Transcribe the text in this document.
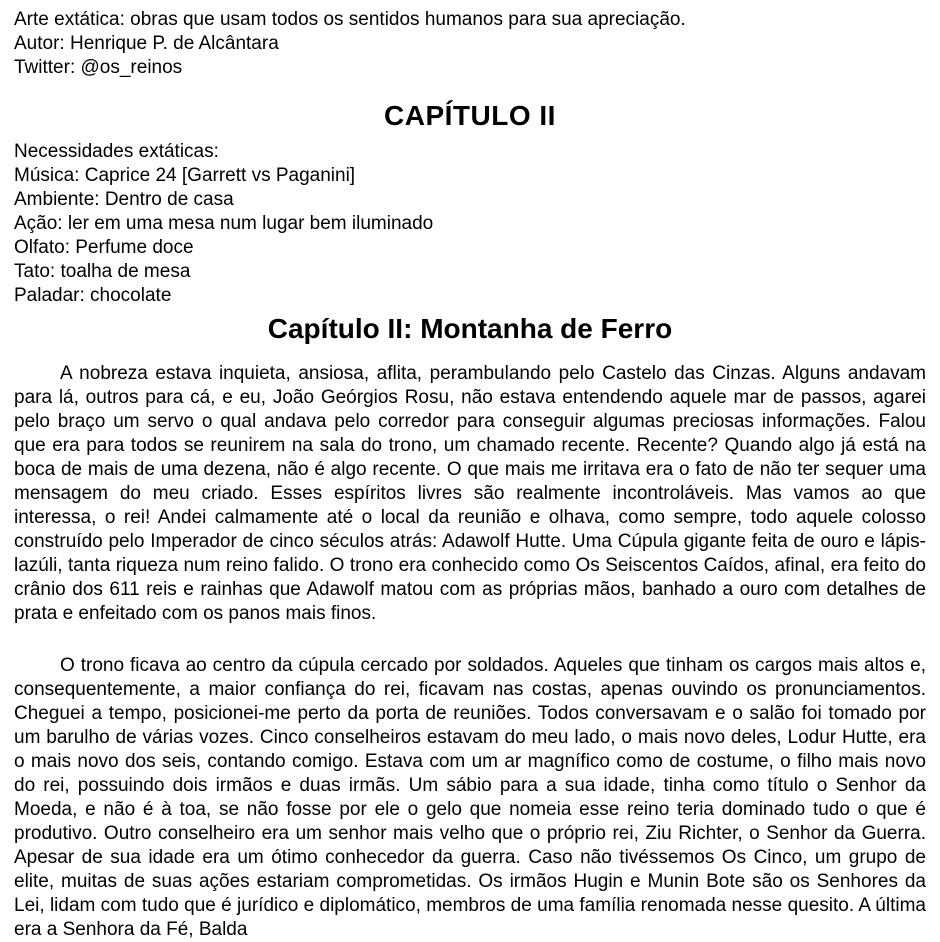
Arte extática: obras que usam todos os sentidos humanos para sua apreciação.
Autor: Henrique P. de Alcântara
Twitter: @os_reinos
CAPÍTULO II
Necessidades extáticas:
Música: Caprice 24 [Garrett vs Paganini]
Ambiente: Dentro de casa
Ação: ler em uma mesa num lugar bem iluminado
Olfato: Perfume doce
Tato: toalha de mesa
Paladar: chocolate
Capítulo II: Montanha de Ferro

A nobreza estava inquieta, ansiosa, aflita, perambulando pelo Castelo das Cinzas. Alguns andavam para lá, outros para cá, e eu, João Geórgios Rosu, não estava entendendo aquele mar de passos, agarei pelo braço um servo o qual andava pelo corredor para conseguir algumas preciosas informações. Falou que era para todos se reunirem na sala do trono, um chamado recente. Recente? Quando algo já está na boca de mais de uma dezena, não é algo recente. O que mais me irritava era o fato de não ter sequer uma mensagem do meu criado. Esses espíritos livres são realmente incontroláveis. Mas vamos ao que interessa, o rei! Andei calmamente até o local da reunião e olhava, como sempre, todo aquele colosso construído pelo Imperador de cinco séculos atrás: Adawolf Hutte. Uma Cúpula gigante feita de ouro e lápis-lazúli, tanta riqueza num reino falido. O trono era conhecido como Os Seiscentos Caídos, afinal, era feito do crânio dos 611 reis e rainhas que Adawolf matou com as próprias mãos, banhado a ouro com detalhes de prata e enfeitado com os panos mais finos.

O trono ficava ao centro da cúpula cercado por soldados. Aqueles que tinham os cargos mais altos e, consequentemente, a maior confiança do rei, ficavam nas costas, apenas ouvindo os pronunciamentos. Cheguei a tempo, posicionei-me perto da porta de reuniões. Todos conversavam e o salão foi tomado por um barulho de várias vozes. Cinco conselheiros estavam do meu lado, o mais novo deles, Lodur Hutte, era o mais novo dos seis, contando comigo. Estava com um ar magnífico como de costume, o filho mais novo do rei, possuindo dois irmãos e duas irmãs. Um sábio para a sua idade, tinha como título o Senhor da Moeda, e não é à toa, se não fosse por ele o gelo que nomeia esse reino teria dominado tudo o que é produtivo. Outro conselheiro era um senhor mais velho que o próprio rei, Ziu Richter, o Senhor da Guerra. Apesar de sua idade era um ótimo conhecedor da guerra. Caso não tivéssemos Os Cinco, um grupo de elite, muitas de suas ações estariam comprometidas. Os irmãos Hugin e Munin Bote são os Senhores da Lei, lidam com tudo que é jurídico e diplomático, membros de uma família renomada nesse quesito. A última era a Senhora da Fé, Balda
